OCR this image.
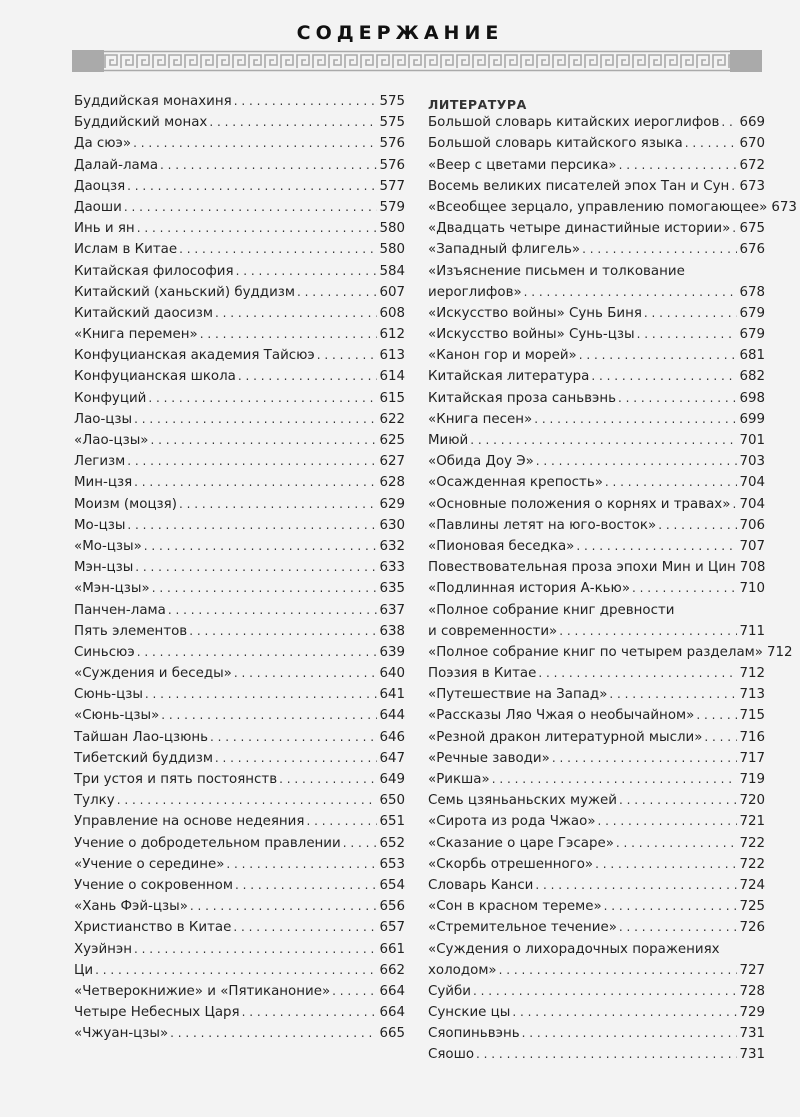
СОДЕРЖАНИЕ
Буддийская монахиня . . .	575
Буддийский монах . . .	575
Да сюэ» . . .	576
Далай-лама . . .	576
Даоцзя . . .	577
Даоши . . .	579
Инь и ян . . .	580
Ислам в Китае . . .	580
Китайская философия . . .	584
Китайский (ханьский) буддизм . . .	607
Китайский даосизм . . .	608
«Книга перемен» . . .	612
Конфуцианская академия Тайсюэ . . .	613
Конфуцианская школа . . .	614
Конфуций . . .	615
Лао-цзы . . .	622
«Лао-цзы» . . .	625
Легизм . . .	627
Мин-цзя . . .	628
Моизм (моцзя) . . .	629
Мо-цзы . . .	630
«Мо-цзы» . . .	632
Мэн-цзы . . .	633
«Мэн-цзы» . . .	635
Панчен-лама . . .	637
Пять элементов . . .	638
Синьсюэ . . .	639
«Суждения и беседы» . . .	640
Сюнь-цзы . . .	641
«Сюнь-цзы» . . .	644
Тайшан Лао-цзюнь . . .	646
Тибетский буддизм . . .	647
Три устоя и пять постоянств . . .	649
Тулку . . .	650
Управление на основе недеяния . . .	651
Учение о добродетельном правлении . . .	652
«Учение о середине» . . .	653
Учение о сокровенном . . .	654
«Хань Фэй-цзы» . . .	656
Христианство в Китае . . .	657
Хуэйнэн . . .	661
Ци . . .	662
«Четверокнижие» и «Пятиканоние» . . .	664
Четыре Небесных Царя . . .	664
«Чжуан-цзы» . . .	665
ЛИТЕРАТУРА
Большой словарь китайских иероглифов . . . 669
Большой словарь китайского языка . . .	670
«Веер с цветами персика» . . .	672
Восемь великих писателей эпох Тан и Сун . . . 673
«Всеобщее зерцало, управлению помогающее» 673
«Двадцать четыре династийные истории» . . . 675
«Западный флигель» . . .	676
«Изъяснение письмен и толкование
иероглифов» . . .	678
«Искусство войны» Сунь Биня . . .	679
«Искусство войны» Сунь-цзы . . .	679
«Канон гор и морей» . . .	681
Китайская литература . . .	682
Китайская проза саньвэнь . . .	698
«Книга песен» . . .	699
Миюй . . .	701
«Обида Доу Э» . . .	703
«Осажденная крепость» . . .	704
«Основные положения о корнях и травах» . . . 704
«Павлины летят на юго-восток» . . .	706
«Пионовая беседка» . . .	707
Повествовательная проза эпохи Мин и Цин 708
«Подлинная история А-кью» . . .	710
«Полное собрание книг древности
и современности» . . .	711
«Полное собрание книг по четырем разделам» 712
Поэзия в Китае . . .	712
«Путешествие на Запад» . . .	713
«Рассказы Ляо Чжая о необычайном» . . .	715
«Резной дракон литературной мысли» . . .	716
«Речные заводи» . . .	717
«Рикша» . . .	719
Семь цзяньаньских мужей . . .	720
«Сирота из рода Чжао» . . .	721
«Сказание о царе Гэсаре» . . .	722
«Скорбь отрешенного» . . .	722
Словарь Канси . . .	724
«Сон в красном тереме» . . .	725
«Стремительное течение» . . .	726
«Суждения о лихорадочных поражениях
холодом» . . .	727
Суйби . . .	728
Сунские цы . . .	729
Сяопиньвэнь . . .	731
Сяошо . . .	731
